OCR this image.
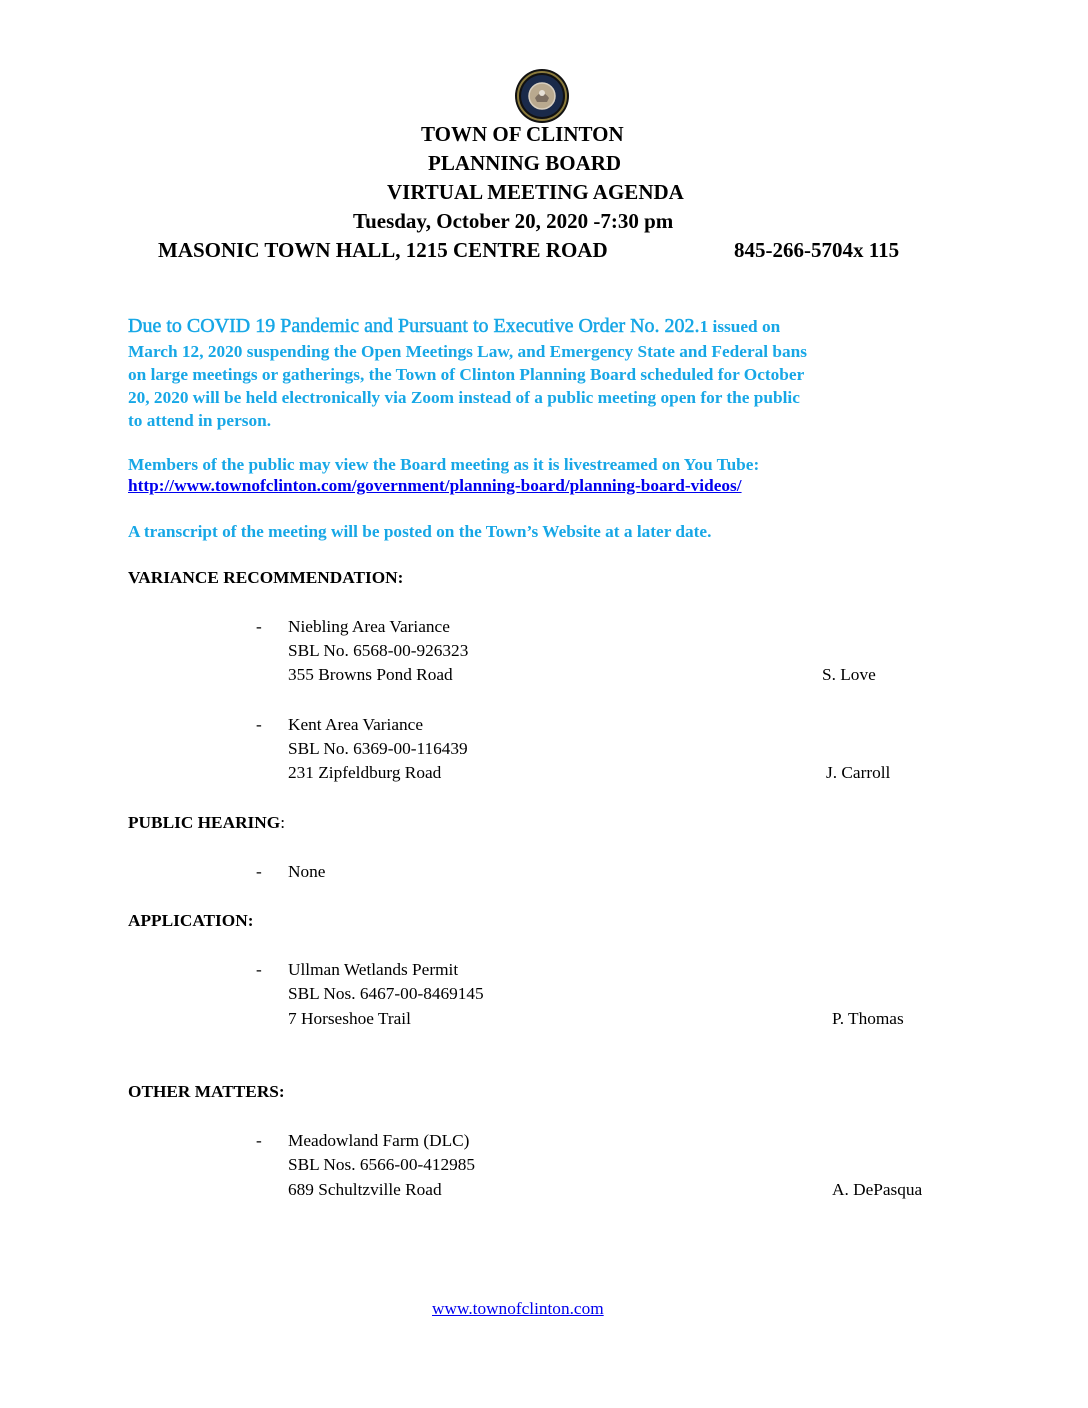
TOWN OF CLINTON
PLANNING BOARD
VIRTUAL MEETING AGENDA
Tuesday, October 20, 2020 -7:30 pm
MASONIC TOWN HALL, 1215 CENTRE ROAD	845-266-5704x 115
Due to COVID 19 Pandemic and Pursuant to Executive Order No. 202.1 issued on
March 12, 2020 suspending the Open Meetings Law, and Emergency State and Federal bans
on large meetings or gatherings, the Town of Clinton Planning Board scheduled for October
20, 2020 will be held electronically via Zoom instead of a public meeting open for the public
to attend in person.
Members of the public may view the Board meeting as it is livestreamed on You Tube:
http://www.townofclinton.com/government/planning-board/planning-board-videos/
A transcript of the meeting will be posted on the Town’s Website at a later date.
VARIANCE RECOMMENDATION:
- Niebling Area Variance
SBL No. 6568-00-926323
355 Browns Pond Road	S. Love
- Kent Area Variance
SBL No. 6369-00-116439
231 Zipfeldburg Road	J. Carroll
PUBLIC HEARING:
- None
APPLICATION:
- Ullman Wetlands Permit
SBL Nos. 6467-00-8469145
7 Horseshoe Trail	P. Thomas
OTHER MATTERS:
- Meadowland Farm (DLC)
SBL Nos. 6566-00-412985
689 Schultzville Road	A. DePasqua
www.townofclinton.com
